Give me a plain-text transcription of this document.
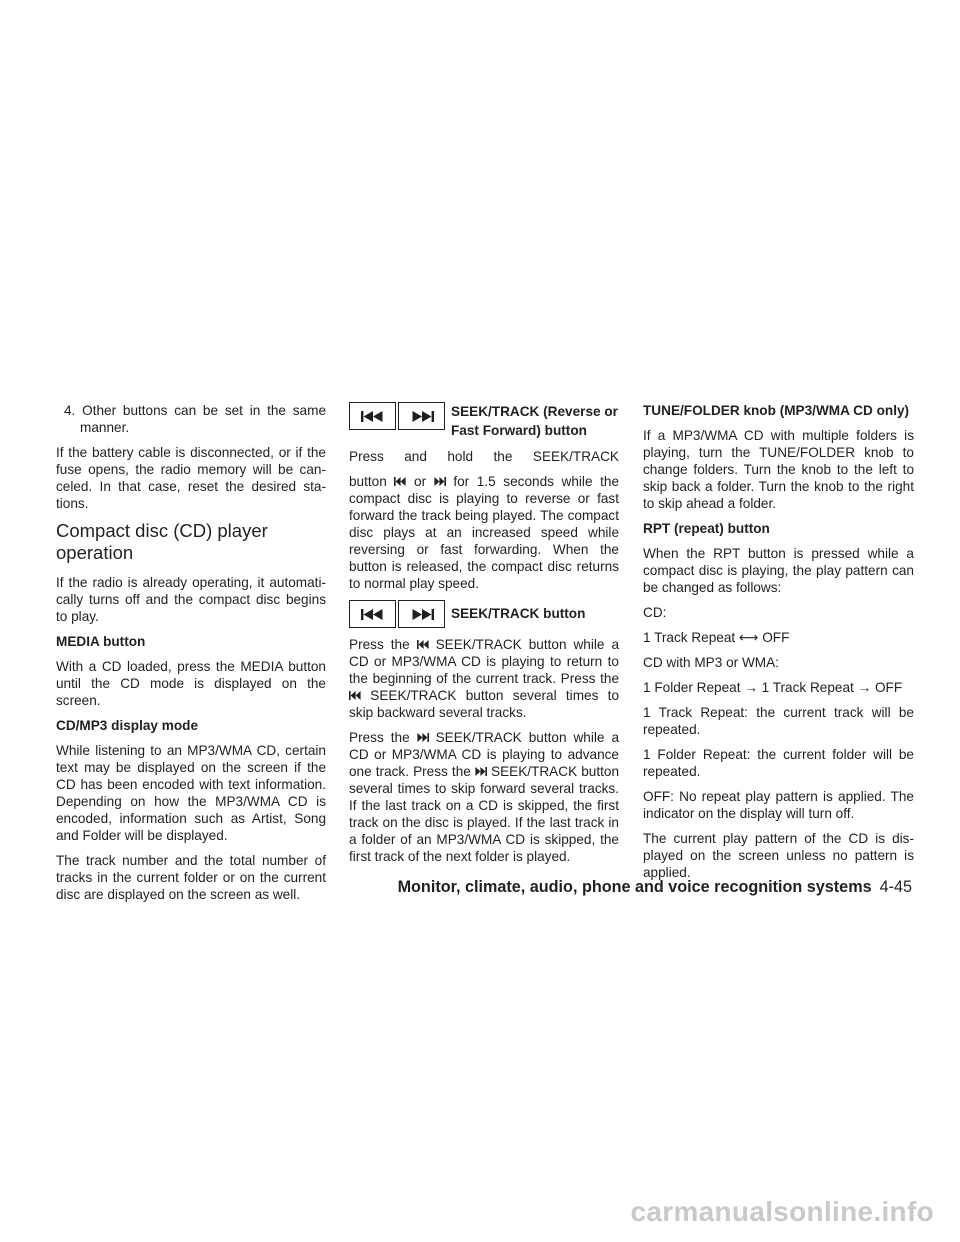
4. Other buttons can be set in the same manner.

If the battery cable is disconnected, or if the fuse opens, the radio memory will be canceled. In that case, reset the desired stations.

Compact disc (CD) player operation

If the radio is already operating, it automatically turns off and the compact disc begins to play.

MEDIA button

With a CD loaded, press the MEDIA button until the CD mode is displayed on the screen.

CD/MP3 display mode

While listening to an MP3/WMA CD, certain text may be displayed on the screen if the CD has been encoded with text information. Depending on how the MP3/WMA CD is encoded, information such as Artist, Song and Folder will be displayed.

The track number and the total number of tracks in the current folder or on the current disc are displayed on the screen as well.

SEEK/TRACK (Reverse or Fast Forward) button

Press and hold the SEEK/TRACK

button or for 1.5 seconds while the compact disc is playing to reverse or fast forward the track being played. The compact disc plays at an increased speed while reversing or fast forwarding. When the button is released, the compact disc returns to normal play speed.

SEEK/TRACK button

Press the SEEK/TRACK button while a CD or MP3/WMA CD is playing to return to the beginning of the current track. Press the  SEEK/TRACK button several times to skip backward several tracks.

Press the SEEK/TRACK button while a CD or MP3/WMA CD is playing to advance one track. Press the SEEK/TRACK button several times to skip forward several tracks. If the last track on a CD is skipped, the first track on the disc is played. If the last track in a folder of an MP3/WMA CD is skipped, the first track of the next folder is played.

TUNE/FOLDER knob (MP3/WMA CD only)

If a MP3/WMA CD with multiple folders is playing, turn the TUNE/FOLDER knob to change folders. Turn the knob to the left to skip back a folder. Turn the knob to the right to skip ahead a folder.

RPT (repeat) button

When the RPT button is pressed while a compact disc is playing, the play pattern can be changed as follows:

CD:

1 Track Repeat ⟷ OFF

CD with MP3 or WMA:

1 Folder Repeat → 1 Track Repeat → OFF

1 Track Repeat: the current track will be repeated.

1 Folder Repeat: the current folder will be repeated.

OFF: No repeat play pattern is applied. The indicator on the display will turn off.

The current play pattern of the CD is displayed on the screen unless no pattern is applied.

Monitor, climate, audio, phone and voice recognition systems 4-45
carmanualsonline.info
